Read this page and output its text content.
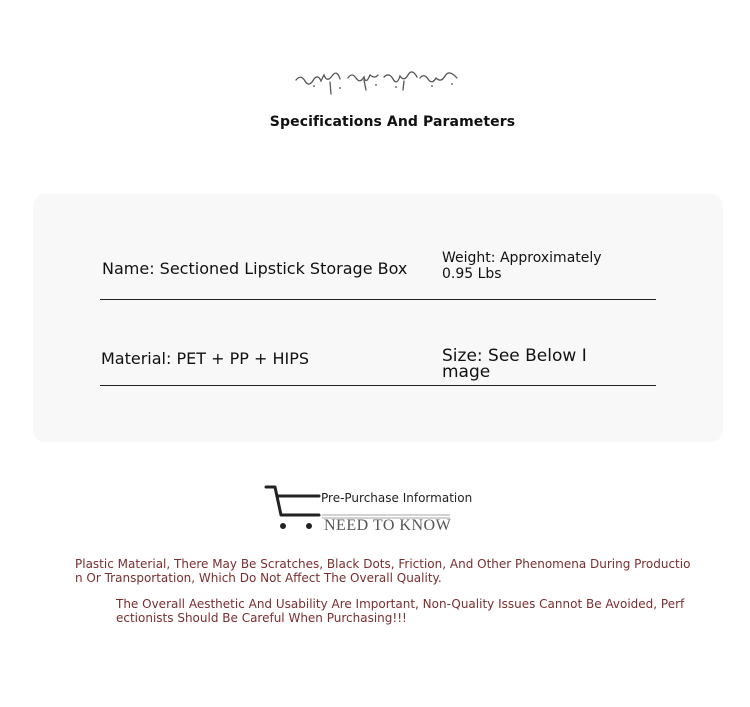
Specifications And Parameters
Name: Sectioned Lipstick Storage Box
Weight: Approximately  0.95 Lbs
Material: PET + PP + HIPS	Size: See Below Image
NEED TO KNOW
Pre-Purchase Information
Plastic Material, There May Be Scratches, Black Dots, Friction, And Other Phenomena During Production Or Transportation, Which Do Not Affect The Overall Quality.
The Overall Aesthetic And Usability Are Important, Non-Quality Issues Cannot Be Avoided, Perfectionists Should Be Careful When Purchasing!!!
